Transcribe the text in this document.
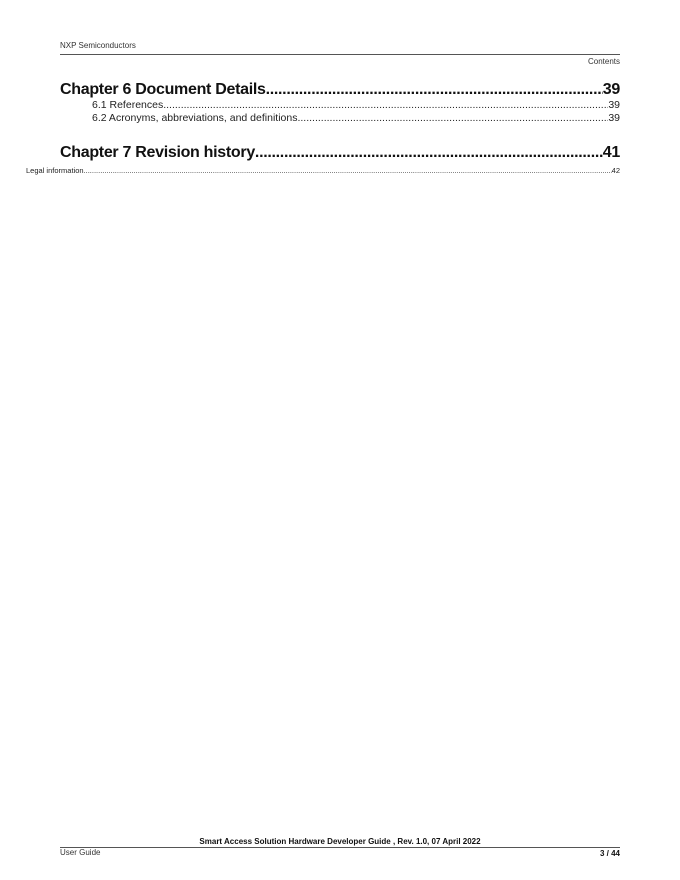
NXP Semiconductors
Contents
Chapter 6 Document Details .....	39
6.1 References .....	39
6.2 Acronyms, abbreviations, and definitions .....	39
Chapter 7 Revision history .....	41
Legal information .....	42
Smart Access Solution Hardware Developer Guide , Rev. 1.0, 07 April 2022
User Guide	3 / 44
